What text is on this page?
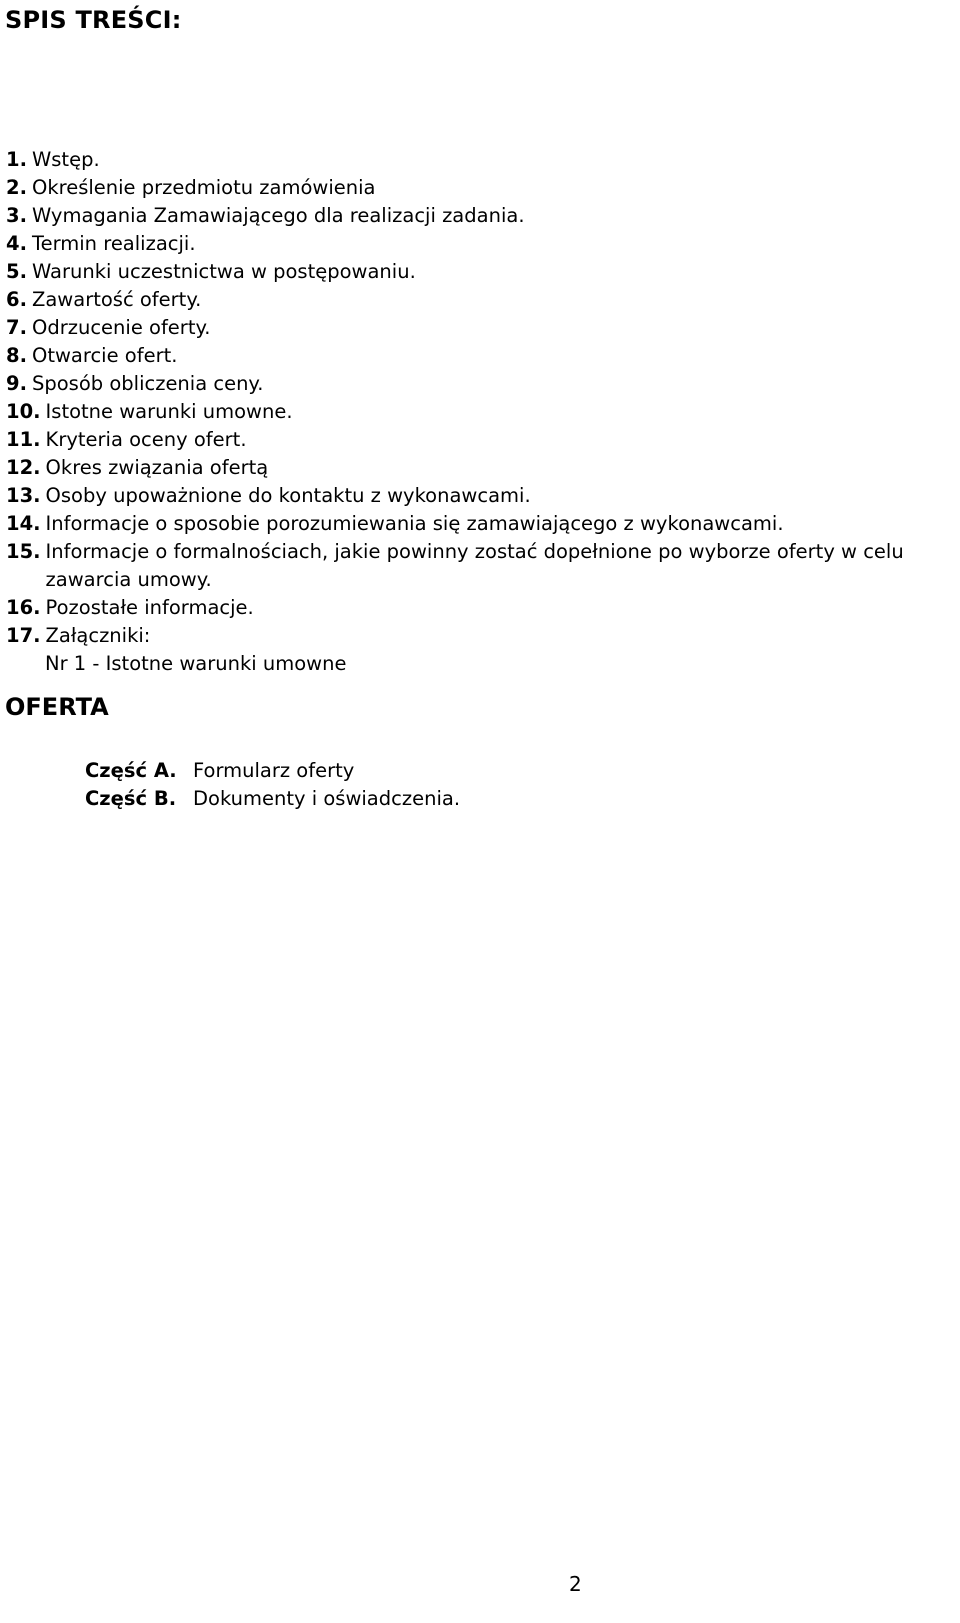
SPIS TREŚCI:
1. Wstęp.
2. Określenie przedmiotu zamówienia
3. Wymagania Zamawiającego dla realizacji zadania.
4. Termin realizacji.
5. Warunki uczestnictwa w postępowaniu.
6. Zawartość oferty.
7. Odrzucenie oferty.
8. Otwarcie ofert.
9. Sposób obliczenia ceny.
10. Istotne warunki umowne.
11. Kryteria oceny ofert.
12. Okres związania ofertą
13. Osoby upoważnione do kontaktu z wykonawcami.
14. Informacje o sposobie porozumiewania się zamawiającego z wykonawcami.
15. Informacje o formalnościach, jakie powinny zostać dopełnione po wyborze oferty w celu zawarcia umowy.
16. Pozostałe informacje.
17. Załączniki:
Nr 1 - Istotne warunki umowne
OFERTA
Część A. Formularz oferty
Część B. Dokumenty i oświadczenia.
2
